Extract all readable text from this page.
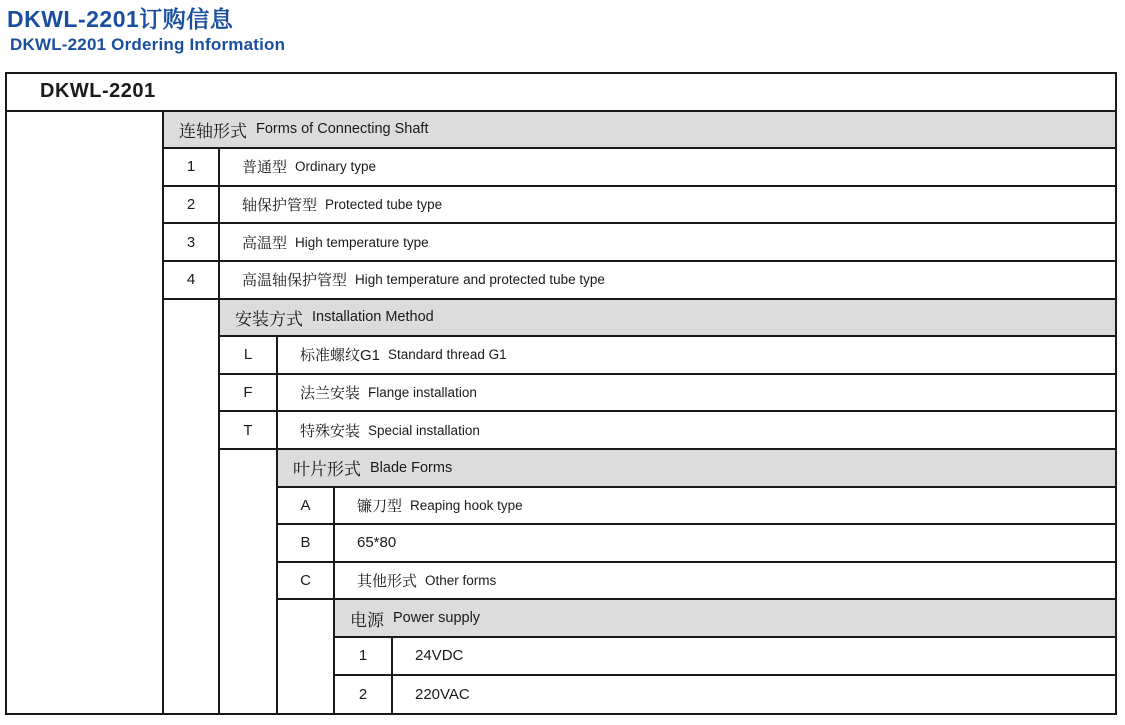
DKWL-2201订购信息
DKWL-2201 Ordering Information
DKWL-2201
连轴形式 Forms of Connecting Shaft
1	普通型 Ordinary type
2	轴保护管型 Protected tube type
3	高温型 High temperature type
4	高温轴保护管型 High temperature and protected tube type
安装方式 Installation Method
L	标准螺纹G1 Standard thread G1
F	法兰安装 Flange installation
T	特殊安装 Special installation
叶片形式 Blade Forms
A	镰刀型 Reaping hook type
B	65*80
C	其他形式 Other forms
电源 Power supply
1	24VDC
2	220VAC
